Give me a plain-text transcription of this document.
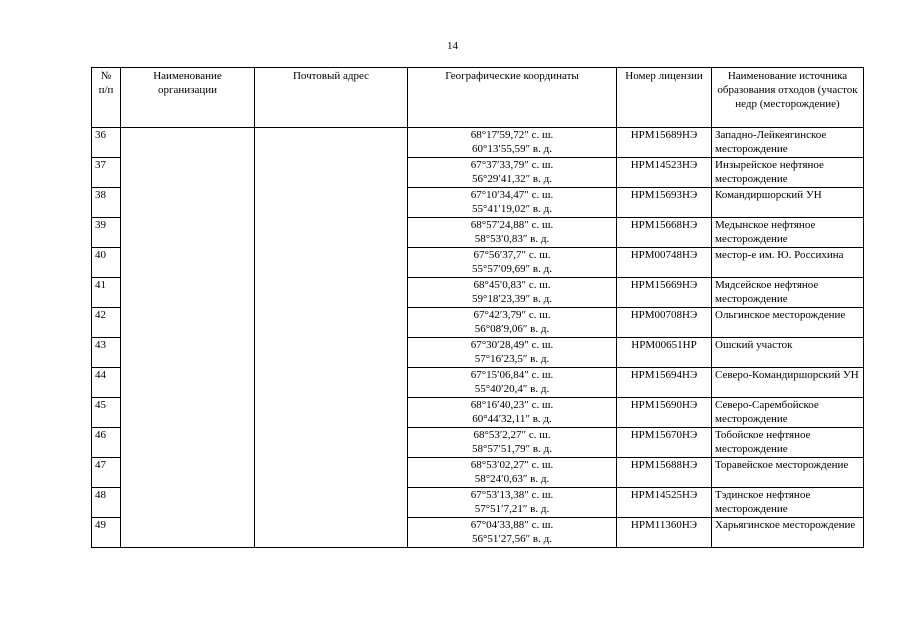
14
№ п/п	Наименование организации	Почтовый адрес	Географические координаты	Номер лицензии	Наименование источника образования отходов (участок недр (месторождение)
36			68°17′59,72″ с. ш.
60°13′55,59″ в. д.	НРМ15689НЭ	Западно-Лейкеягинское месторождение
37			67°37′33,79″ с. ш.
56°29′41,32″ в. д.	НРМ14523НЭ	Инзырейское нефтяное месторождение
38			67°10′34,47″ с. ш.
55°41′19,02″ в. д.	НРМ15693НЭ	Командиршорский УН
39			68°57′24,88″ с. ш.
58°53′0,83″ в. д.	НРМ15668НЭ	Медынское нефтяное месторождение
40			67°56′37,7″ с. ш.
55°57′09,69″ в. д.	НРМ00748НЭ	местор-е им. Ю. Россихина
41			68°45′0,83″ с. ш.
59°18′23,39″ в. д.	НРМ15669НЭ	Мядсейское нефтяное месторождение
42			67°42′3,79″ с. ш.
56°08′9,06″ в. д.	НРМ00708НЭ	Ольгинское месторождение
43			67°30′28,49″ с. ш.
57°16′23,5″ в. д.	НРМ00651НР	Ошский участок
44			67°15′06,84″ с. ш.
55°40′20,4″ в. д.	НРМ15694НЭ	Северо-Командиршорский УН
45			68°16′40,23″ с. ш.
60°44′32,11″ в. д.	НРМ15690НЭ	Северо-Сарембойское месторождение
46			68°53′2,27″ с. ш.
58°57′51,79″ в. д.	НРМ15670НЭ	Тобойское нефтяное месторождение
47			68°53′02,27″ с. ш.
58°24′0,63″ в. д.	НРМ15688НЭ	Торавейское месторождение
48			67°53′13,38″ с. ш.
57°51′7,21″ в. д.	НРМ14525НЭ	Тэдинское нефтяное месторождение
49			67°04′33,88″ с. ш.
56°51′27,56″ в. д.	НРМ11360НЭ	Харьягинское месторождение
